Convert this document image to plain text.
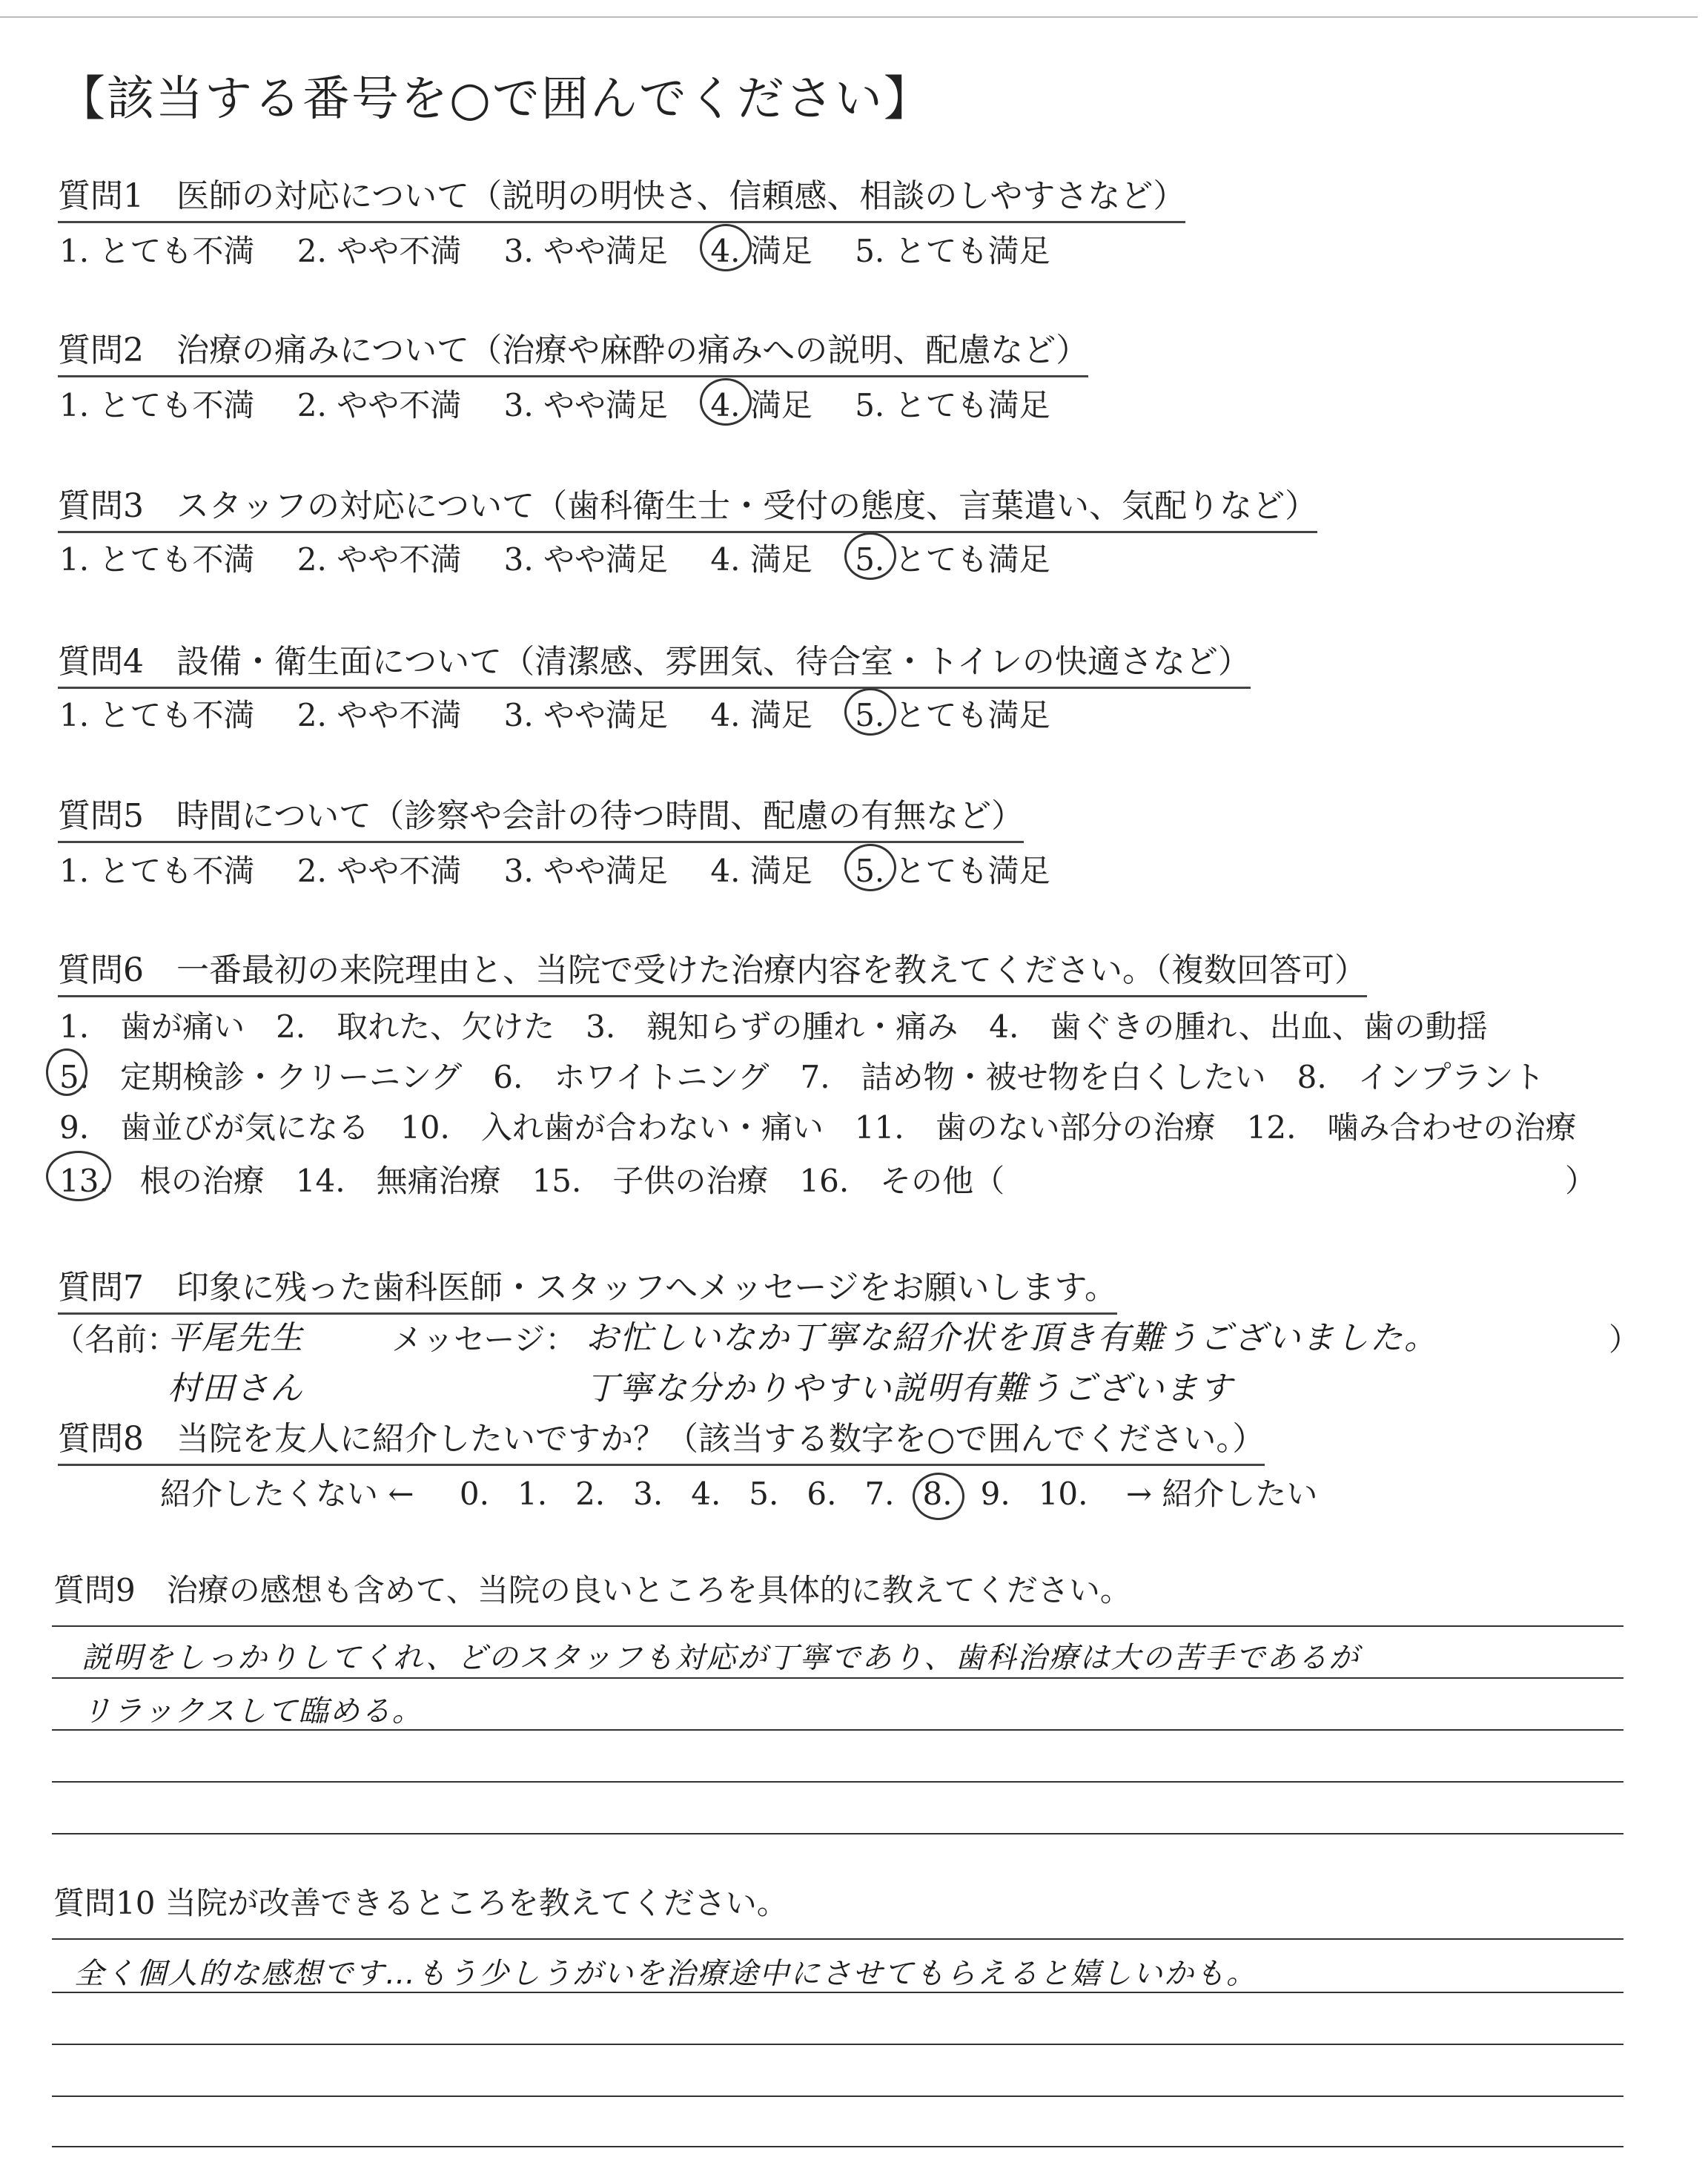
【該当する番号を○で囲んでください】
質問1　医師の対応について（説明の明快さ、信頼感、相談のしやすさなど）
1. とても不満 2. やや不満 3. やや満足 4. 満足 5. とても満足
質問2　治療の痛みについて（治療や麻酔の痛みへの説明、配慮など）
1. とても不満 2. やや不満 3. やや満足 4. 満足 5. とても満足
質問3　スタッフの対応について（歯科衛生士・受付の態度、言葉遣い、気配りなど）
1. とても不満 2. やや不満 3. やや満足 4. 満足 5. とても満足
質問4　設備・衛生面について（清潔感、雰囲気、待合室・トイレの快適さなど）
1. とても不満 2. やや不満 3. やや満足 4. 満足 5. とても満足
質問5　時間について（診察や会計の待つ時間、配慮の有無など）
1. とても不満 2. やや不満 3. やや満足 4. 満足 5. とても満足
質問6　一番最初の来院理由と、当院で受けた治療内容を教えてください。（複数回答可）
1.　歯が痛い　2.　取れた、欠けた　3.　親知らずの腫れ・痛み　4.　歯ぐきの腫れ、出血、歯の動揺
5.　定期検診・クリーニング　6.　ホワイトニング　7.　詰め物・被せ物を白くしたい　8.　インプラント
9.　歯並びが気になる　10.　入れ歯が合わない・痛い　11.　歯のない部分の治療　12.　噛み合わせの治療
13.　根の治療　14.　無痛治療　15.　子供の治療　16.　その他（　　　　　　　　　　　　　　　　　　）
質問7　印象に残った歯科医師・スタッフへメッセージをお願いします。
（名前：
平尾先生
村田さん
メッセージ： お忙しいなか丁寧な紹介状を頂き有難うございました。
丁寧な分かりやすい説明有難うございます
）
質問8　当院を友人に紹介したいですか？（該当する数字を○で囲んでください。）
紹介したくない ← 0. 1. 2. 3. 4. 5. 6. 7. 8. 9. 10. → 紹介したい
質問9　治療の感想も含めて、当院の良いところを具体的に教えてください。
説明をしっかりしてくれ、どのスタッフも対応が丁寧であり、歯科治療は大の苦手であるが
リラックスして臨める。
質問10 当院が改善できるところを教えてください。
全く個人的な感想です…もう少しうがいを治療途中にさせてもらえると嬉しいかも。
